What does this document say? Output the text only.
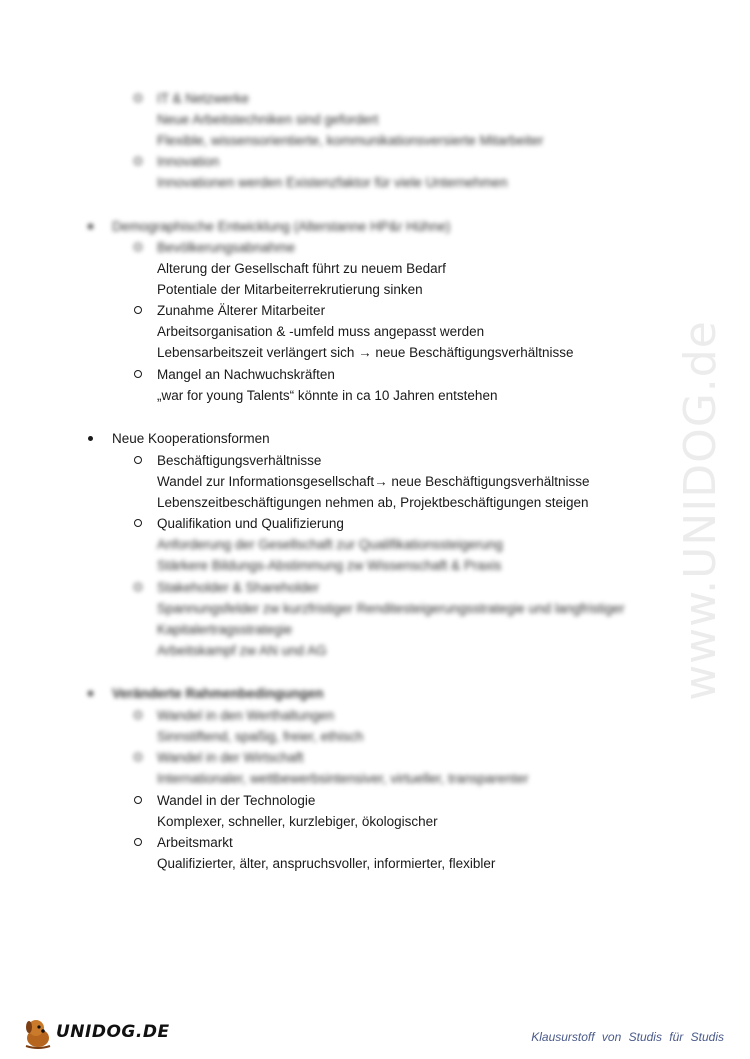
IT & Netzwerke
Neue Arbeitstechniken sind gefordert
Flexible, wissensorientierte, kommunikationsversierte Mitarbeiter
Innovation
Innovationen werden Existenzfaktor für viele Unternehmen
Demographische Entwicklung (Alterstanne HP&r Hühne)
Bevölkerungsabnahme
Alterung der Gesellschaft führt zu neuem Bedarf
Potentiale der Mitarbeiterrekrutierung sinken
Zunahme Älterer Mitarbeiter
Arbeitsorganisation & -umfeld muss angepasst werden
Lebensarbeitszeit verlängert sich → neue Beschäftigungsverhältnisse
Mangel an Nachwuchskräften
„war for young Talents“ könnte in ca 10 Jahren entstehen
Neue Kooperationsformen
Beschäftigungsverhältnisse
Wandel zur Informationsgesellschaft→ neue Beschäftigungsverhältnisse
Lebenszeitbeschäftigungen nehmen ab, Projektbeschäftigungen steigen
Qualifikation und Qualifizierung
Anforderung der Gesellschaft zur Qualifikationssteigerung
Stärkere Bildungs-Abstimmung zw Wissenschaft & Praxis
Stakeholder & Shareholder
Spannungsfelder zw kurzfristiger Renditesteigerungsstrategie und langfristiger
Kapitalertragsstrategie
Arbeitskampf zw AN und AG
Veränderte Rahmenbedingungen
Wandel in den Werthaltungen
Sinnstiftend, spaßig, freier, ethisch
Wandel in der Wirtschaft
Internationaler, wettbewerbsintensiver, virtueller, transparenter
Wandel in der Technologie
Komplexer, schneller, kurzlebiger, ökologischer
Arbeitsmarkt
Qualifizierter, älter, anspruchsvoller, informierter, flexibler
www.UNIDOG.de
UNIDOG.DE	Klausurstoff von Studis für Studis
